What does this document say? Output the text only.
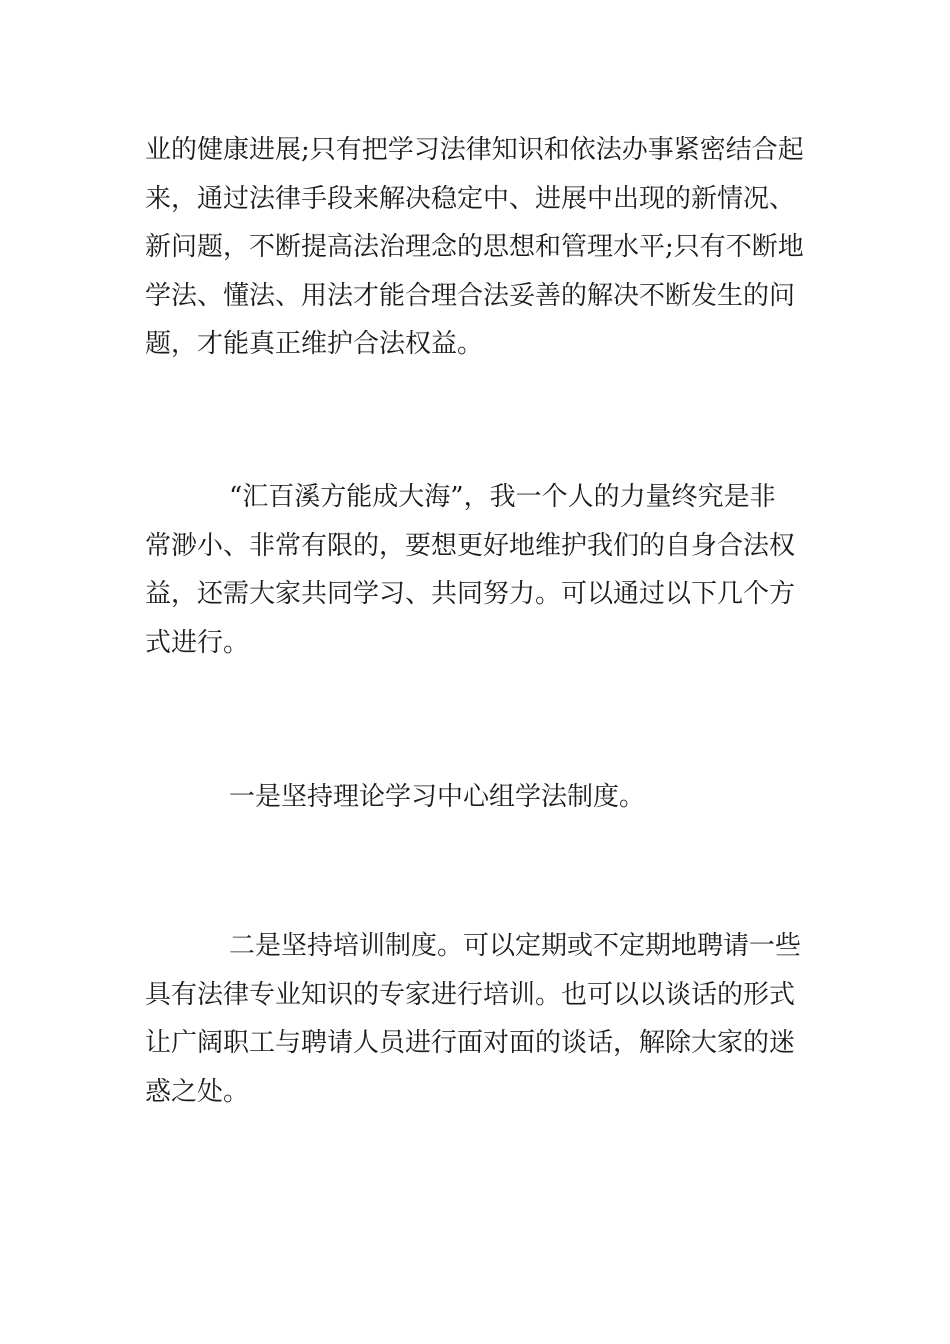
业的健康进展;只有把学习法律知识和依法办事紧密结合起
来，通过法律手段来解决稳定中、进展中出现的新情况、
新问题，不断提高法治理念的思想和管理水平;只有不断地
学法、懂法、用法才能合理合法妥善的解决不断发生的问
题，才能真正维护合法权益。
“汇百溪方能成大海”，我一个人的力量终究是非
常渺小、非常有限的，要想更好地维护我们的自身合法权
益，还需大家共同学习、共同努力。可以通过以下几个方
式进行。
一是坚持理论学习中心组学法制度。
二是坚持培训制度。可以定期或不定期地聘请一些
具有法律专业知识的专家进行培训。也可以以谈话的形式
让广阔职工与聘请人员进行面对面的谈话，解除大家的迷
惑之处。
